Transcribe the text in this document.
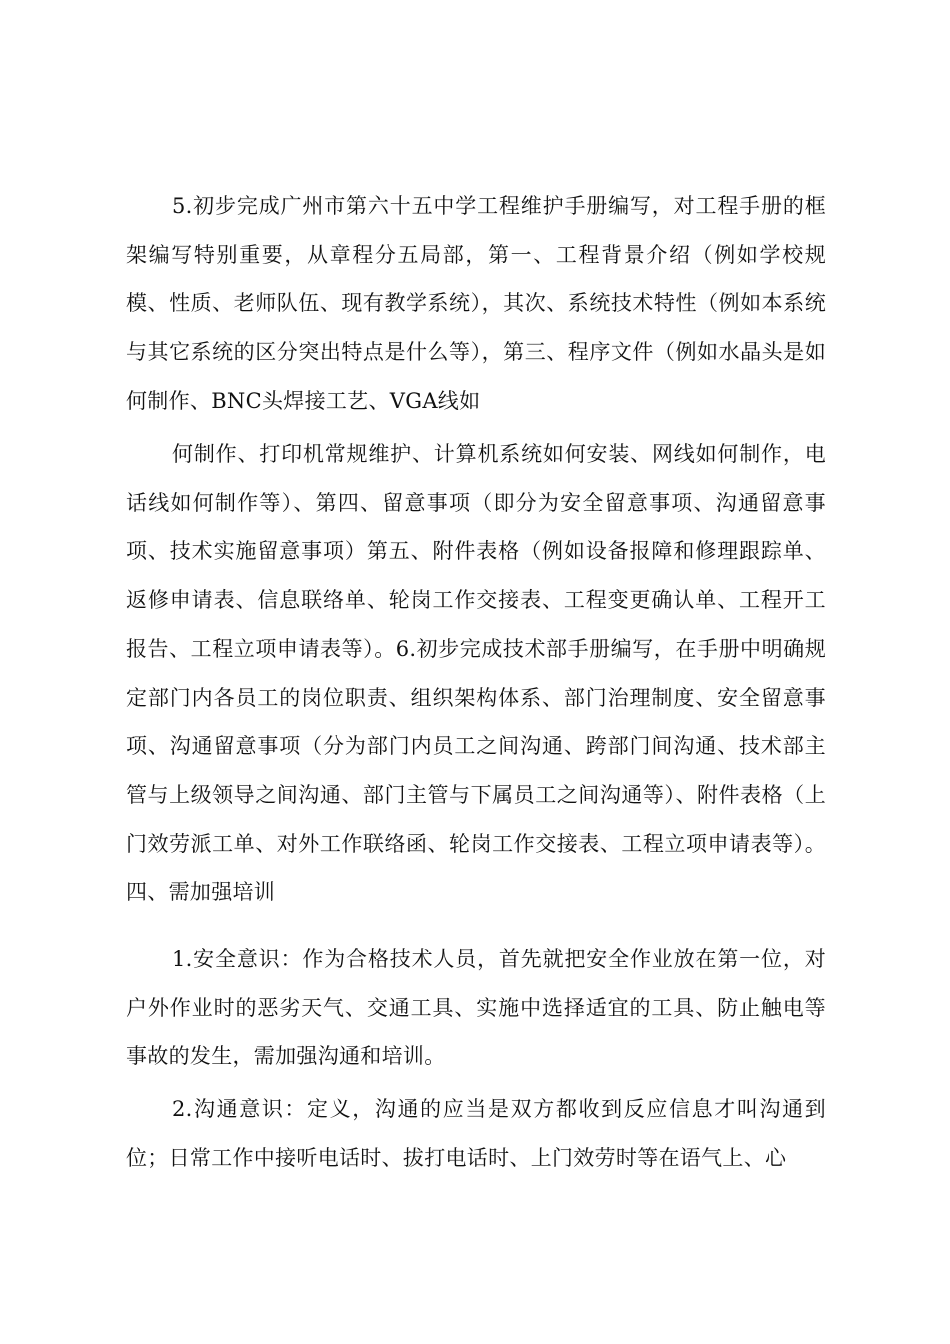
5.初步完成广州市第六十五中学工程维护手册编写，对工程手册的框架编写特别重要，从章程分五局部，第一、工程背景介绍（例如学校规模、性质、老师队伍、现有教学系统），其次、系统技术特性（例如本系统与其它系统的区分突出特点是什么等），第三、程序文件（例如水晶头是如何制作、BNC头焊接工艺、VGA线如

何制作、打印机常规维护、计算机系统如何安装、网线如何制作，电话线如何制作等）、第四、留意事项（即分为安全留意事项、沟通留意事项、技术实施留意事项）第五、附件表格（例如设备报障和修理跟踪单、返修申请表、信息联络单、轮岗工作交接表、工程变更确认单、工程开工报告、工程立项申请表等）。6.初步完成技术部手册编写，在手册中明确规定部门内各员工的岗位职责、组织架构体系、部门治理制度、安全留意事项、沟通留意事项（分为部门内员工之间沟通、跨部门间沟通、技术部主管与上级领导之间沟通、部门主管与下属员工之间沟通等）、附件表格（上门效劳派工单、对外工作联络函、轮岗工作交接表、工程立项申请表等）。四、需加强培训

1.安全意识：作为合格技术人员，首先就把安全作业放在第一位，对户外作业时的恶劣天气、交通工具、实施中选择适宜的工具、防止触电等事故的发生，需加强沟通和培训。

2.沟通意识：定义，沟通的应当是双方都收到反应信息才叫沟通到位；日常工作中接听电话时、拔打电话时、上门效劳时等在语气上、心
